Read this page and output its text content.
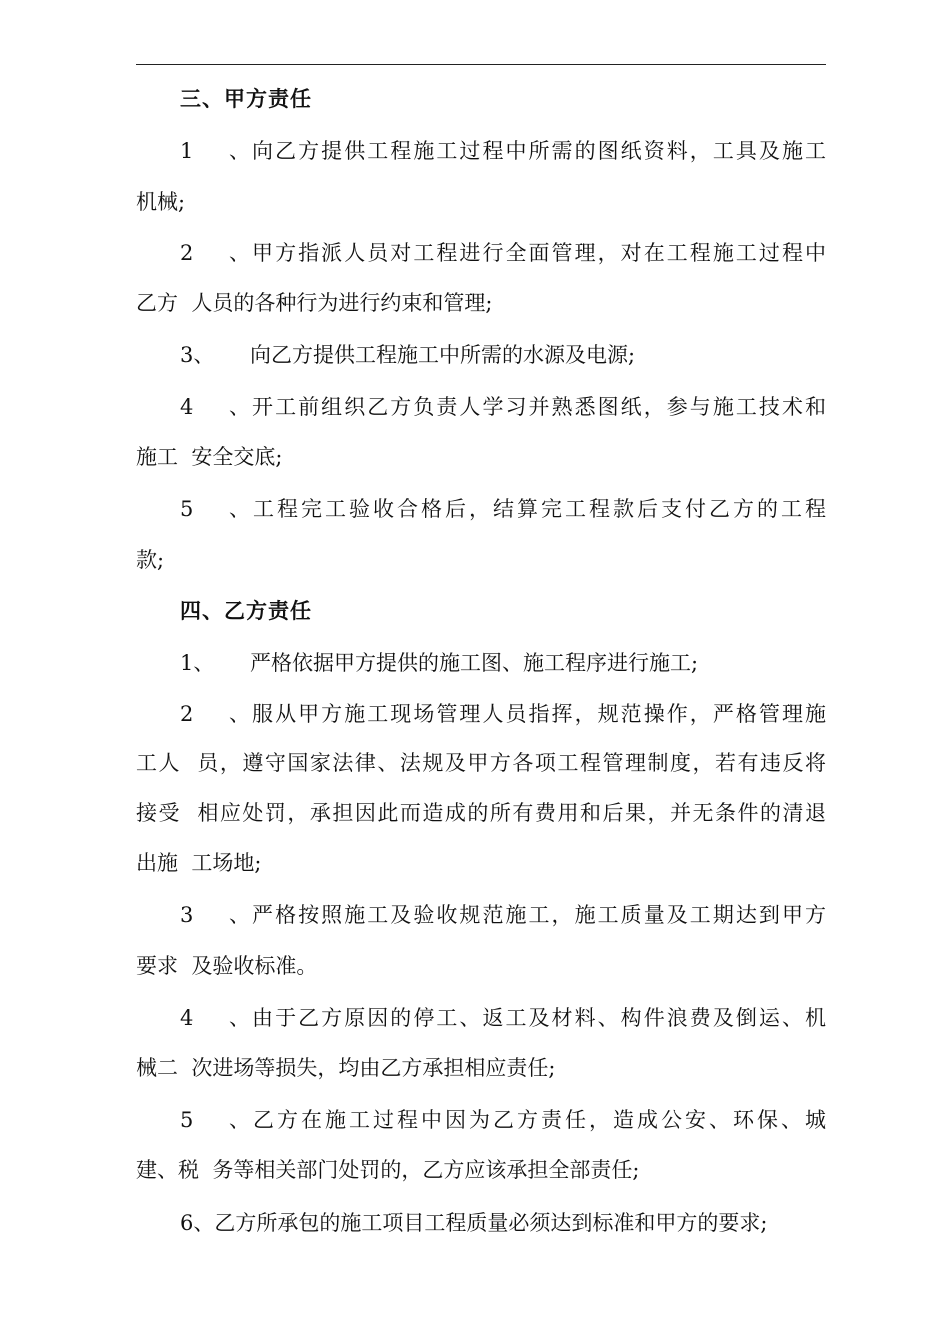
三、甲方责任
1、向乙方提供工程施工过程中所需的图纸资料，工具及施工
机械;
2、甲方指派人员对工程进行全面管理，对在工程施工过程中
乙方  人员的各种行为进行约束和管理;
3、 向乙方提供工程施工中所需的水源及电源;
4、开工前组织乙方负责人学习并熟悉图纸，参与施工技术和
施工  安全交底;
5、工程完工验收合格后，结算完工程款后支付乙方的工程
款;
四、乙方责任
1、 严格依据甲方提供的施工图、施工程序进行施工;
2、服从甲方施工现场管理人员指挥，规范操作，严格管理施
工人  员，遵守国家法律、法规及甲方各项工程管理制度，若有违反将
接受  相应处罚，承担因此而造成的所有费用和后果，并无条件的清退
出施  工场地;
3、严格按照施工及验收规范施工，施工质量及工期达到甲方
要求  及验收标准。
4、由于乙方原因的停工、返工及材料、构件浪费及倒运、机
械二  次进场等损失，均由乙方承担相应责任;
5、乙方在施工过程中因为乙方责任，造成公安、环保、城
建、税  务等相关部门处罚的，乙方应该承担全部责任;
6、乙方所承包的施工项目工程质量必须达到标准和甲方的要求;
